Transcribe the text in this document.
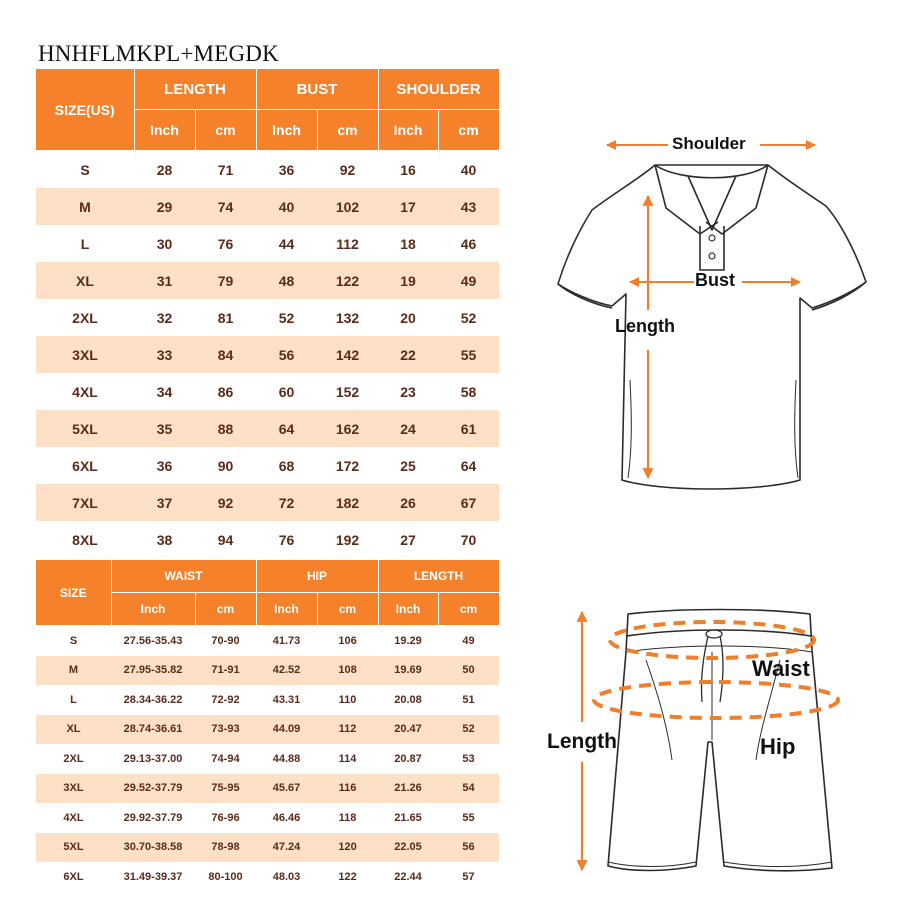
HNHFLMKPL+MEGDK
SIZE(US)	LENGTH		BUST		SHOULDER	
	Inch	cm	Inch	cm	Inch	cm
S	28	71	36	92	16	40
M	29	74	40	102	17	43
L	30	76	44	112	18	46
XL	31	79	48	122	19	49
2XL	32	81	52	132	20	52
3XL	33	84	56	142	22	55
4XL	34	86	60	152	23	58
5XL	35	88	64	162	24	61
6XL	36	90	68	172	25	64
7XL	37	92	72	182	26	67
8XL	38	94	76	192	27	70
SIZE	WAIST		HIP		LENGTH	
	Inch	cm	Inch	cm	Inch	cm
S	27.56-35.43	70-90	41.73	106	19.29	49
M	27.95-35.82	71-91	42.52	108	19.69	50
L	28.34-36.22	72-92	43.31	110	20.08	51
XL	28.74-36.61	73-93	44.09	112	20.47	52
2XL	29.13-37.00	74-94	44.88	114	20.87	53
3XL	29.52-37.79	75-95	45.67	116	21.26	54
4XL	29.92-37.79	76-96	46.46	118	21.65	55
5XL	30.70-38.58	78-98	47.24	120	22.05	56
6XL	31.49-39.37	80-100	48.03	122	22.44	57
Shoulder
Bust
Length
Waist
Hip
Length
